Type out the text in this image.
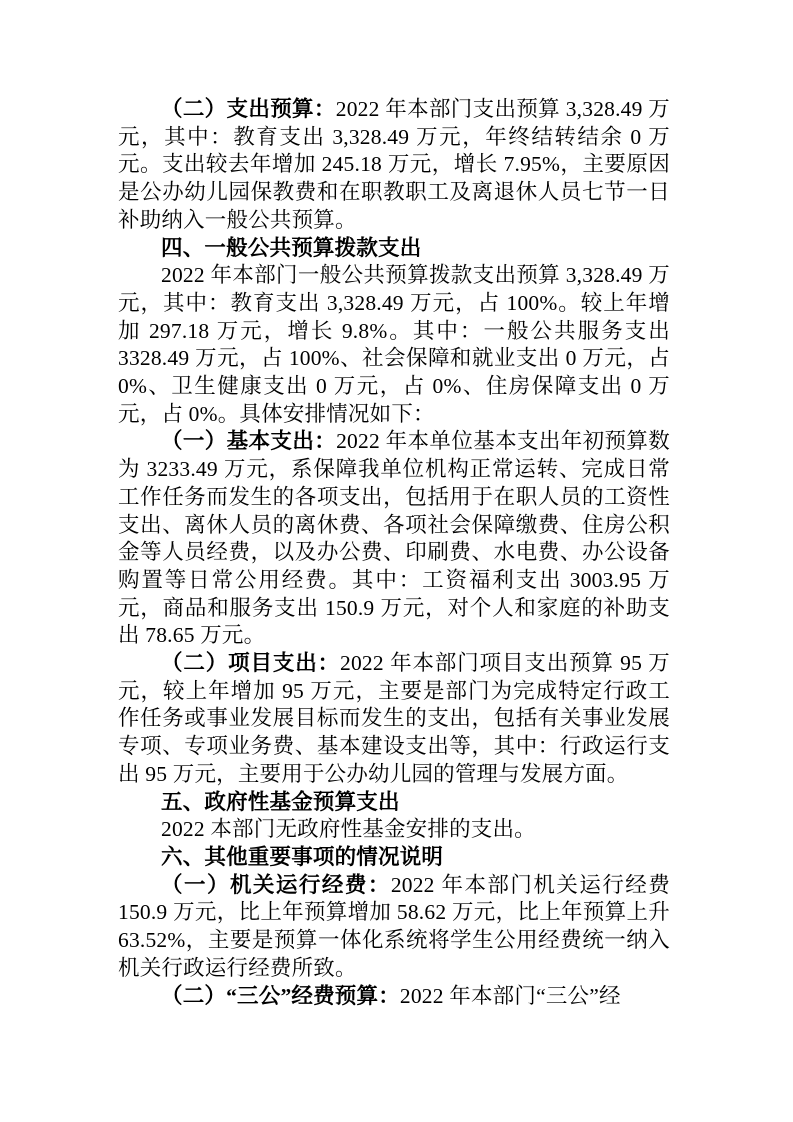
（二）支出预算：2022 年本部门支出预算 3,328.49 万元，其中：教育支出 3,328.49 万元，年终结转结余 0 万元。支出较去年增加 245.18 万元，增长 7.95%，主要原因是公办幼儿园保教费和在职教职工及离退休人员七节一日补助纳入一般公共预算。

四、一般公共预算拨款支出

2022 年本部门一般公共预算拨款支出预算 3,328.49 万元，其中：教育支出 3,328.49 万元，占 100%。较上年增加 297.18 万元，增长 9.8%。其中：一般公共服务支出 3328.49 万元，占 100%、社会保障和就业支出 0 万元，占 0%、卫生健康支出 0 万元，占 0%、住房保障支出 0 万元，占 0%。具体安排情况如下：

（一）基本支出：2022 年本单位基本支出年初预算数为 3233.49 万元，系保障我单位机构正常运转、完成日常工作任务而发生的各项支出，包括用于在职人员的工资性支出、离休人员的离休费、各项社会保障缴费、住房公积金等人员经费，以及办公费、印刷费、水电费、办公设备购置等日常公用经费。其中：工资福利支出 3003.95 万元，商品和服务支出 150.9 万元，对个人和家庭的补助支出 78.65 万元。

（二）项目支出：2022 年本部门项目支出预算 95 万元，较上年增加 95 万元，主要是部门为完成特定行政工作任务或事业发展目标而发生的支出，包括有关事业发展专项、专项业务费、基本建设支出等，其中：行政运行支出 95 万元，主要用于公办幼儿园的管理与发展方面。

五、政府性基金预算支出

2022 本部门无政府性基金安排的支出。

六、其他重要事项的情况说明

（一）机关运行经费：2022 年本部门机关运行经费 150.9 万元，比上年预算增加 58.62 万元，比上年预算上升 63.52%，主要是预算一体化系统将学生公用经费统一纳入机关行政运行经费所致。

（二）“三公”经费预算：2022 年本部门“三公”经
